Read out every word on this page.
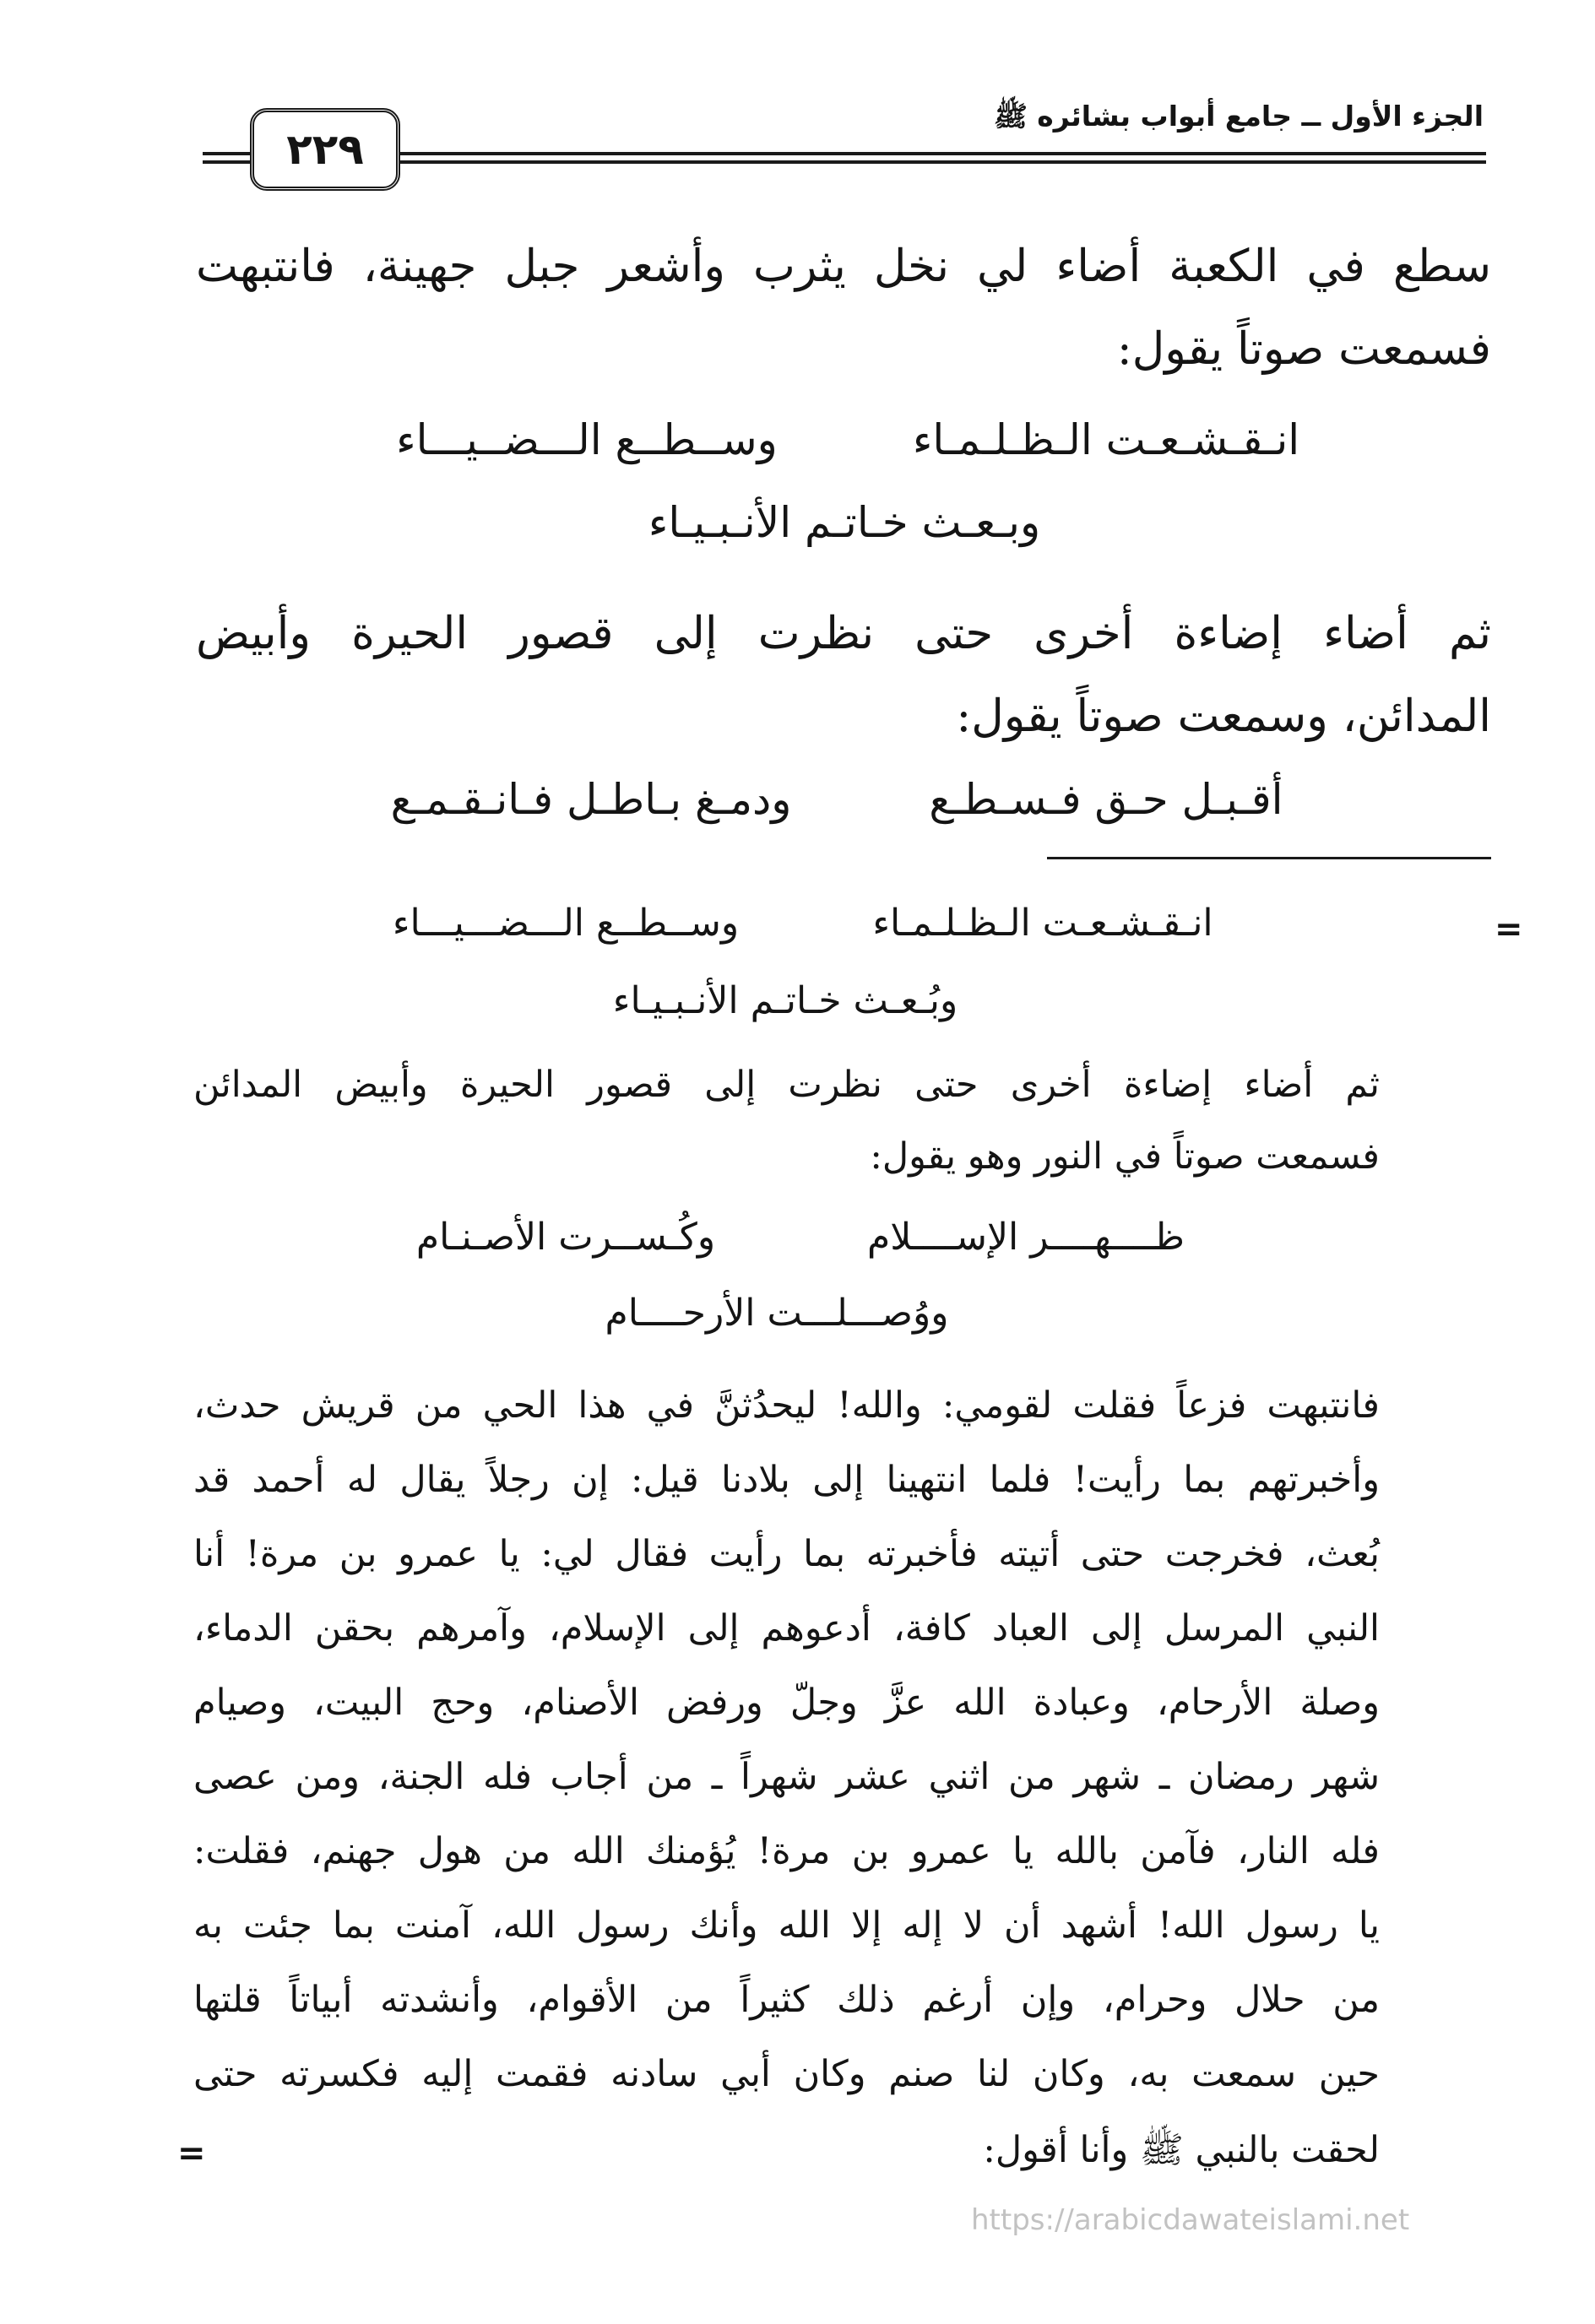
الجزء الأول ــ جامع أبواب بشائره ﷺ
٢٢٩
سطع في الكعبة أضاء لي نخل يثرب وأشعر جبل جهينة، فانتبهت
فسمعت صوتاً يقول:
انـقـشـعـت الـظـلـمـاء
وســطــع الـــضــيـــاء
وبـعـث خـاتـم الأنـبـيـاء
ثم أضاء إضاءة أخرى حتى نظرت إلى قصور الحيرة وأبيض
المدائن، وسمعت صوتاً يقول:
أقـبـل حـق فـسـطـع
ودمـغ بـاطـل فـانـقـمـع
=
انـقـشـعـت الـظـلـمـاء
وســطــع الـــضـــيـــاء
وبُـعـث خـاتـم الأنـبـيـاء
ثم أضاء إضاءة أخرى حتى نظرت إلى قصور الحيرة وأبيض المدائن
فسمعت صوتاً في النور وهو يقول:
ظــــهــــر الإســــلام
وكُـســرت الأصـنـام
ووُصـــلـــت الأرحــــام
فانتبهت فزعاً فقلت لقومي: والله! ليحدُثنَّ في هذا الحي من قريش حدث،
وأخبرتهم بما رأيت! فلما انتهينا إلى بلادنا قيل: إن رجلاً يقال له أحمد قد
بُعث، فخرجت حتى أتيته فأخبرته بما رأيت فقال لي: يا عمرو بن مرة! أنا
النبي المرسل إلى العباد كافة، أدعوهم إلى الإسلام، وآمرهم بحقن الدماء،
وصلة الأرحام، وعبادة الله عزَّ وجلّ ورفض الأصنام، وحج البيت، وصيام
شهر رمضان ـ شهر من اثني عشر شهراً ـ من أجاب فله الجنة، ومن عصى
فله النار، فآمن بالله يا عمرو بن مرة! يُؤمنك الله من هول جهنم، فقلت:
يا رسول الله! أشهد أن لا إله إلا الله وأنك رسول الله، آمنت بما جئت به
من حلال وحرام، وإن أرغم ذلك كثيراً من الأقوام، وأنشدته أبياتاً قلتها
حين سمعت به، وكان لنا صنم وكان أبي سادنه فقمت إليه فكسرته حتى
لحقت بالنبي ﷺ وأنا أقول:
=
https://arabicdawateislami.net
